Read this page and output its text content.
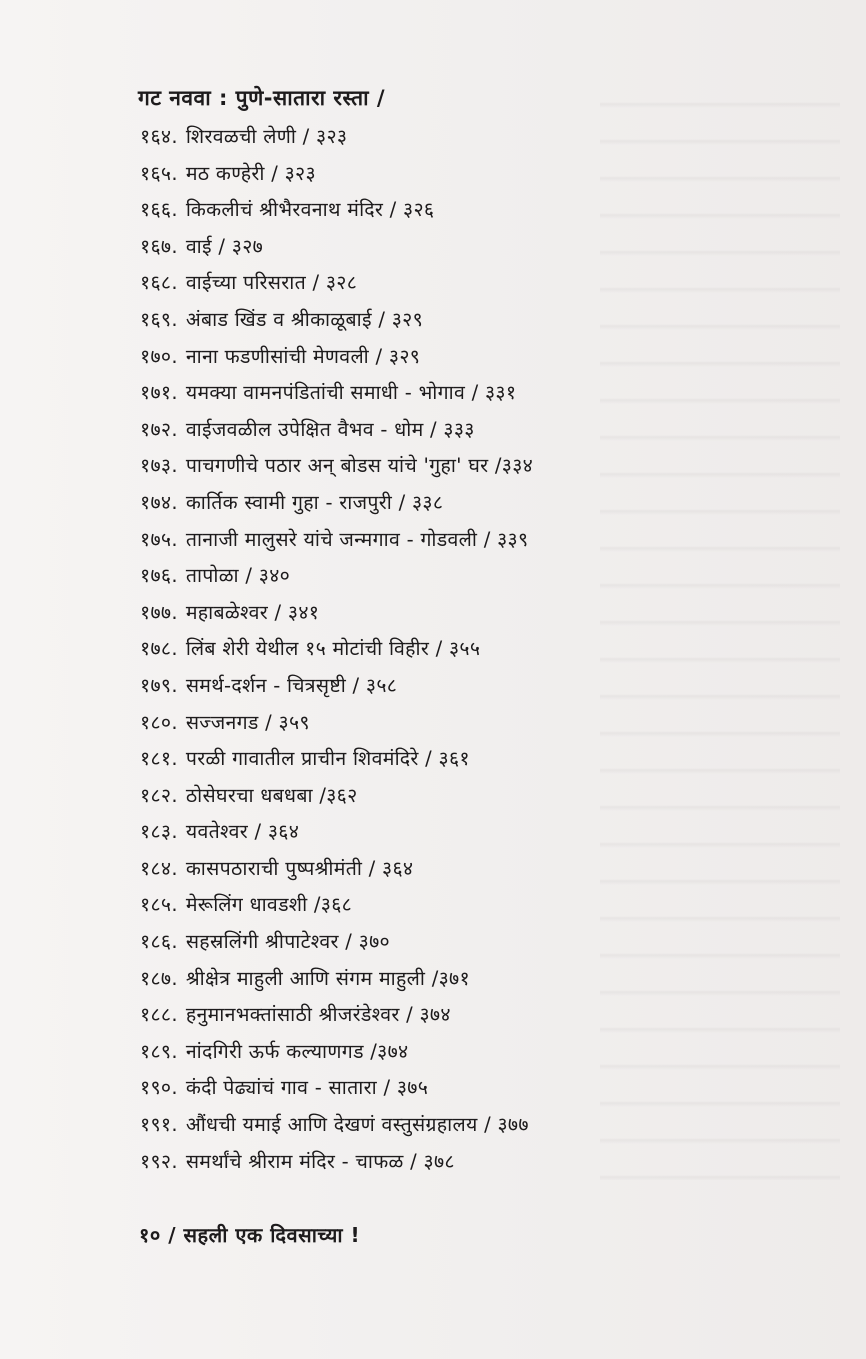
गट नववा : पुणे-सातारा रस्ता /
१६४. शिरवळची लेणी / ३२३
१६५. मठ कण्हेरी / ३२३
१६६. किकलीचं श्रीभैरवनाथ मंदिर / ३२६
१६७. वाई / ३२७
१६८. वाईच्या परिसरात / ३२८
१६९. अंबाड खिंड व श्रीकाळूबाई / ३२९
१७०. नाना फडणीसांची मेणवली / ३२९
१७१. यमक्या वामनपंडितांची समाधी - भोगाव / ३३१
१७२. वाईजवळील उपेक्षित वैभव - धोम / ३३३
१७३. पाचगणीचे पठार अन् बोडस यांचे 'गुहा' घर /३३४
१७४. कार्तिक स्वामी गुहा - राजपुरी / ३३८
१७५. तानाजी मालुसरे यांचे जन्मगाव - गोडवली / ३३९
१७६. तापोळा / ३४०
१७७. महाबळेश्वर / ३४१
१७८. लिंब शेरी येथील १५ मोटांची विहीर / ३५५
१७९. समर्थ-दर्शन - चित्रसृष्टी / ३५८
१८०. सज्जनगड / ३५९
१८१. परळी गावातील प्राचीन शिवमंदिरे / ३६१
१८२. ठोसेघरचा धबधबा /३६२
१८३. यवतेश्वर / ३६४
१८४. कासपठाराची पुष्पश्रीमंती / ३६४
१८५. मेरूलिंग धावडशी /३६८
१८६. सहस्रलिंगी श्रीपाटेश्वर / ३७०
१८७. श्रीक्षेत्र माहुली आणि संगम माहुली /३७१
१८८. हनुमानभक्तांसाठी श्रीजरंडेश्वर / ३७४
१८९. नांदगिरी ऊर्फ कल्याणगड /३७४
१९०. कंदी पेढ्यांचं गाव - सातारा / ३७५
१९१. औंधची यमाई आणि देखणं वस्तुसंग्रहालय / ३७७
१९२. समर्थांचे श्रीराम मंदिर - चाफळ / ३७८
१० / सहली एक दिवसाच्या !
